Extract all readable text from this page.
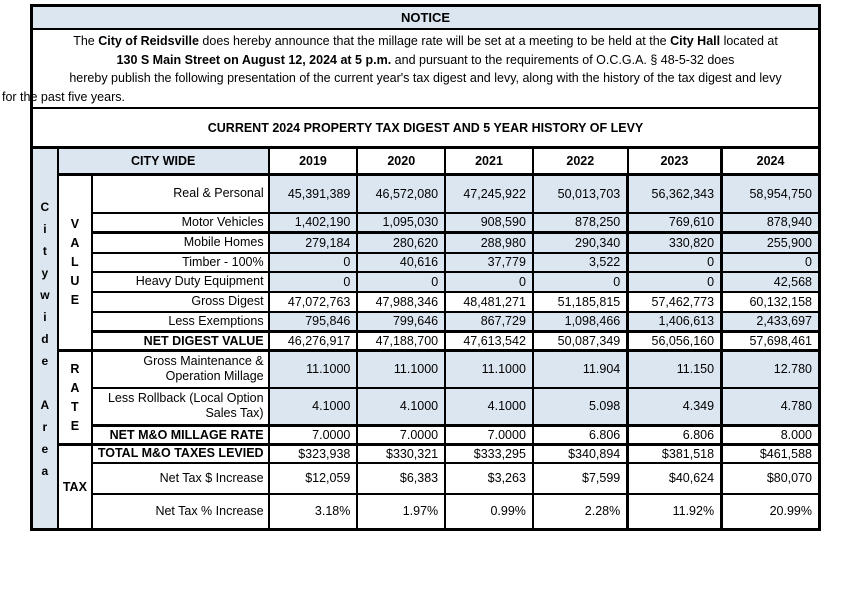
NOTICE
The City of Reidsville does hereby announce that the millage rate will be set at a meeting to be held at the City Hall located at
130 S Main Street on August 12, 2024 at 5 p.m. and pursuant to the requirements of O.C.G.A. § 48-5-32 does
hereby publish the following presentation of the current year's tax digest and levy, along with the history of the tax digest and levy
for the past five years.
CURRENT 2024 PROPERTY TAX DIGEST AND 5 YEAR HISTORY OF LEVY
C
i
t
y
w
i
d
e

A
r
e
a
	CITY WIDE	2019	2020	2021	2022	2023	2024

	V
A
L
U
E	Real & Personal	45,391,389	46,572,080	47,245,922	50,013,703	56,362,343	58,954,750
		Motor Vehicles	1,402,190	1,095,030	908,590	878,250	769,610	878,940
		Mobile Homes	279,184	280,620	288,980	290,340	330,820	255,900
		Timber - 100%	0	40,616	37,779	3,522	0	0
		Heavy Duty Equipment	0	0	0	0	0	42,568
		Gross Digest	47,072,763	47,988,346	48,481,271	51,185,815	57,462,773	60,132,158
		Less Exemptions	795,846	799,646	867,729	1,098,466	1,406,613	2,433,697
		NET DIGEST VALUE	46,276,917	47,188,700	47,613,542	50,087,349	56,056,160	57,698,461

	R
A
T
E	Gross Maintenance & Operation Millage	11.1000	11.1000	11.1000	11.904	11.150	12.780
		Less Rollback (Local Option Sales Tax)	4.1000	4.1000	4.1000	5.098	4.349	4.780
		NET M&O MILLAGE RATE	7.0000	7.0000	7.0000	6.806	6.806	8.000
	TAX	TOTAL M&O TAXES LEVIED	$323,938	$330,321	$333,295	$340,894	$381,518	$461,588
		Net Tax $ Increase	$12,059	$6,383	$3,263	$7,599	$40,624	$80,070
		Net Tax % Increase	3.18%	1.97%	0.99%	2.28%	11.92%	20.99%
